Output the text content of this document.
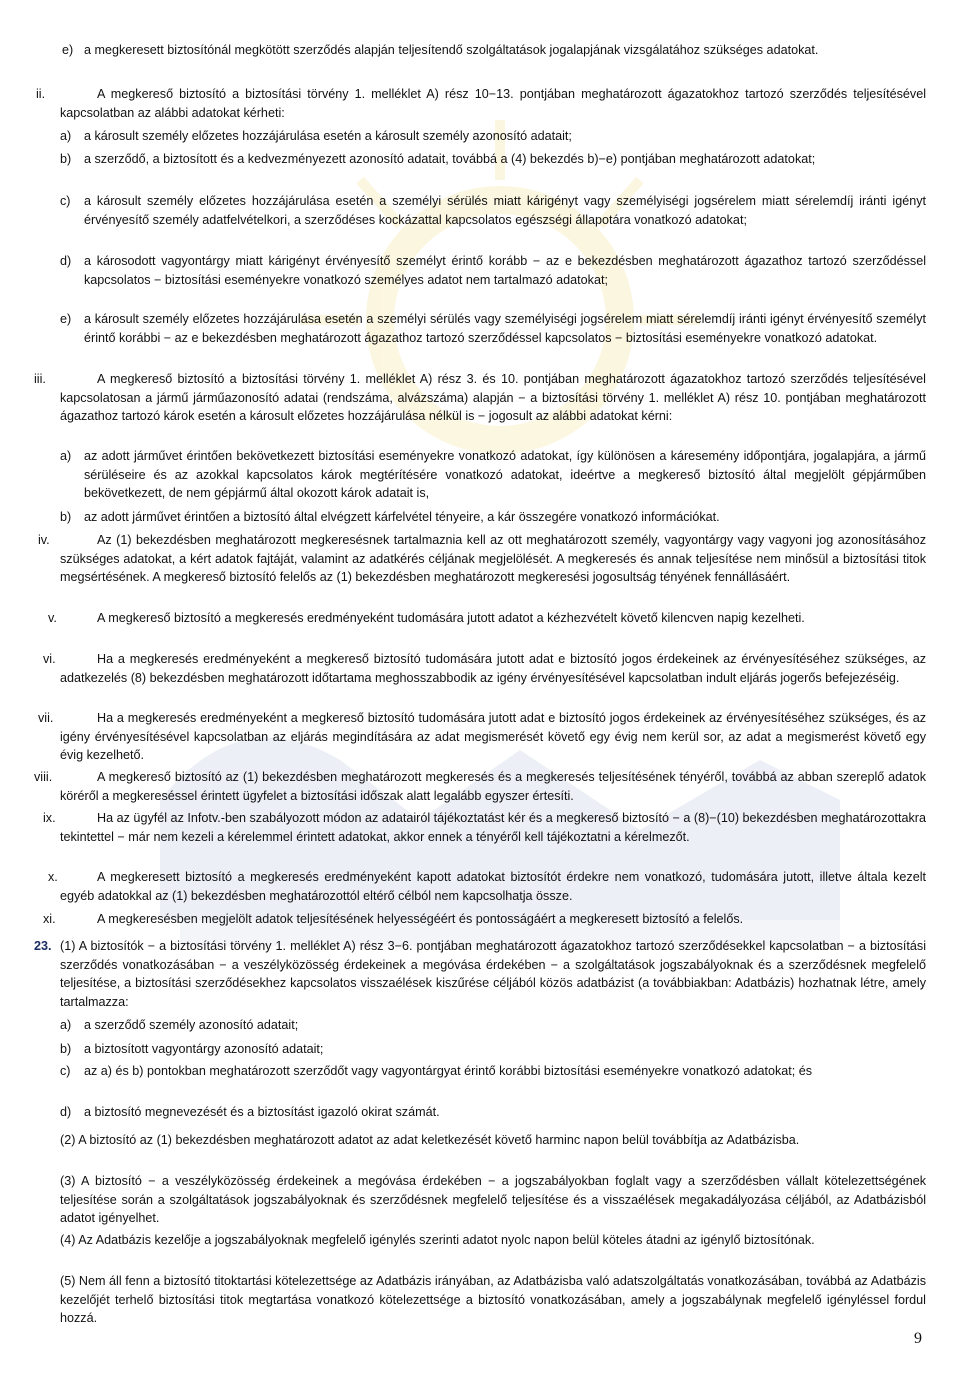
e) a megkeresett biztosítónál megkötött szerződés alapján teljesítendő szolgáltatások jogalapjának vizsgálatához szükséges adatokat.

ii.	A megkereső biztosító a biztosítási törvény 1. melléklet A) rész 10−13. pontjában meghatározott ágazatokhoz tartozó szerződés teljesítésével kapcsolatban az alábbi adatokat kérheti:

a) a károsult személy előzetes hozzájárulása esetén a károsult személy azonosító adatait;

b) a szerződő, a biztosított és a kedvezményezett azonosító adatait, továbbá a (4) bekezdés b)−e) pontjában meghatározott adatokat;

c) a károsult személy előzetes hozzájárulása esetén a személyi sérülés miatt kárigényt vagy személyiségi jogsérelem miatt sérelemdíj iránti igényt érvényesítő személy adatfelvételkori, a szerződéses kockázattal kapcsolatos egészségi állapotára vonatkozó adatokat;

d) a károsodott vagyontárgy miatt kárigényt érvényesítő személyt érintő korább − az e bekezdésben meghatározott ágazathoz tartozó szerződéssel kapcsolatos − biztosítási eseményekre vonatkozó személyes adatot nem tartalmazó adatokat;

e) a károsult személy előzetes hozzájárulása esetén a személyi sérülés vagy személyiségi jogsérelem miatt sérelemdíj iránti igényt érvényesítő személyt érintő korábbi − az e bekezdésben meghatározott ágazathoz tartozó szerződéssel kapcsolatos − biztosítási eseményekre vonatkozó adatokat.

iii.	A megkereső biztosító a biztosítási törvény 1. melléklet A) rész 3. és 10. pontjában meghatározott ágazatokhoz tartozó szerződés teljesítésével kapcsolatosan a jármű járműazonosító adatai (rendszáma, alvázszáma) alapján − a biztosítási törvény 1. melléklet A) rész 10. pontjában meghatározott ágazathoz tartozó károk esetén a károsult előzetes hozzájárulása nélkül is − jogosult az alábbi adatokat kérni:

a) az adott járművet érintően bekövetkezett biztosítási eseményekre vonatkozó adatokat, így különösen a káresemény időpontjára, jogalapjára, a jármű sérüléseire és az azokkal kapcsolatos károk megtérítésére vonatkozó adatokat, ideértve a megkereső biztosító által megjelölt gépjárműben bekövetkezett, de nem gépjármű által okozott károk adatait is,

b) az adott járművet érintően a biztosító által elvégzett kárfelvétel tényeire, a kár összegére vonatkozó információkat.

iv.	Az (1) bekezdésben meghatározott megkeresésnek tartalmaznia kell az ott meghatározott személy, vagyontárgy vagy vagyoni jog azonosításához szükséges adatokat, a kért adatok fajtáját, valamint az adatkérés céljának megjelölését. A megkeresés és annak teljesítése nem minősül a biztosítási titok megsértésének. A megkereső biztosító felelős az (1) bekezdésben meghatározott megkeresési jogosultság tényének fennállásáért.

v.	A megkereső biztosító a megkeresés eredményeként tudomására jutott adatot a kézhezvételt követő kilencven napig kezelheti.

vi.	Ha a megkeresés eredményeként a megkereső biztosító tudomására jutott adat e biztosító jogos érdekeinek az érvényesítéséhez szükséges, az adatkezelés (8) bekezdésben meghatározott időtartama meghosszabbodik az igény érvényesítésével kapcsolatban indult eljárás jogerős befejezéséig.

vii.	Ha a megkeresés eredményeként a megkereső biztosító tudomására jutott adat e biztosító jogos érdekeinek az érvényesítéséhez szükséges, és az igény érvényesítésével kapcsolatban az eljárás megindítására az adat megismerését követő egy évig nem kerül sor, az adat a megismerést követő egy évig kezelhető.

viii.	A megkereső biztosító az (1) bekezdésben meghatározott megkeresés és a megkeresés teljesítésének tényéről, továbbá az abban szereplő adatok köréről a megkereséssel érintett ügyfelet a biztosítási időszak alatt legalább egyszer értesíti.

ix.	Ha az ügyfél az Infotv.-ben szabályozott módon az adatairól tájékoztatást kér és a megkereső biztosító − a (8)−(10) bekezdésben meghatározottakra tekintettel − már nem kezeli a kérelemmel érintett adatokat, akkor ennek a tényéről kell tájékoztatni a kérelmezőt.

x.	A megkeresett biztosító a megkeresés eredményeként kapott adatokat biztosítót érdekre nem vonatkozó, tudomására jutott, illetve általa kezelt egyéb adatokkal az (1) bekezdésben meghatározottól eltérő célból nem kapcsolhatja össze.

xi.	A megkeresésben megjelölt adatok teljesítésének helyességéért és pontosságáért a megkeresett biztosító a felelős.

23. (1) A biztosítók − a biztosítási törvény 1. melléklet A) rész 3−6. pontjában meghatározott ágazatokhoz tartozó szerződésekkel kapcsolatban − a biztosítási szerződés vonatkozásában − a veszélyközösség érdekeinek a megóvása érdekében − a szolgáltatások jogszabályoknak és a szerződésnek megfelelő teljesítése, a biztosítási szerződésekhez kapcsolatos visszaélések kiszűrése céljából közös adatbázist (a továbbiakban: Adatbázis) hozhatnak létre, amely tartalmazza:

a) a szerződő személy azonosító adatait;

b) a biztosított vagyontárgy azonosító adatait;

c) az a) és b) pontokban meghatározott szerződőt vagy vagyontárgyat érintő korábbi biztosítási eseményekre vonatkozó adatokat; és

d) a biztosító megnevezését és a biztosítást igazoló okirat számát.

(2) A biztosító az (1) bekezdésben meghatározott adatot az adat keletkezését követő harminc napon belül továbbítja az Adatbázisba.

(3) A biztosító − a veszélyközösség érdekeinek a megóvása érdekében − a jogszabályokban foglalt vagy a szerződésben vállalt kötelezettségének teljesítése során a szolgáltatások jogszabályoknak és szerződésnek megfelelő teljesítése és a visszaélések megakadályozása céljából, az Adatbázisból adatot igényelhet.

(4) Az Adatbázis kezelője a jogszabályoknak megfelelő igénylés szerinti adatot nyolc napon belül köteles átadni az igénylő biztosítónak.

(5) Nem áll fenn a biztosító titoktartási kötelezettsége az Adatbázis irányában, az Adatbázisba való adatszolgáltatás vonatkozásában, továbbá az Adatbázis kezelőjét terhelő biztosítási titok megtartása vonatkozó kötelezettsége a biztosító vonatkozásában, amely a jogszabálynak megfelelő igényléssel fordul hozzá.

9
